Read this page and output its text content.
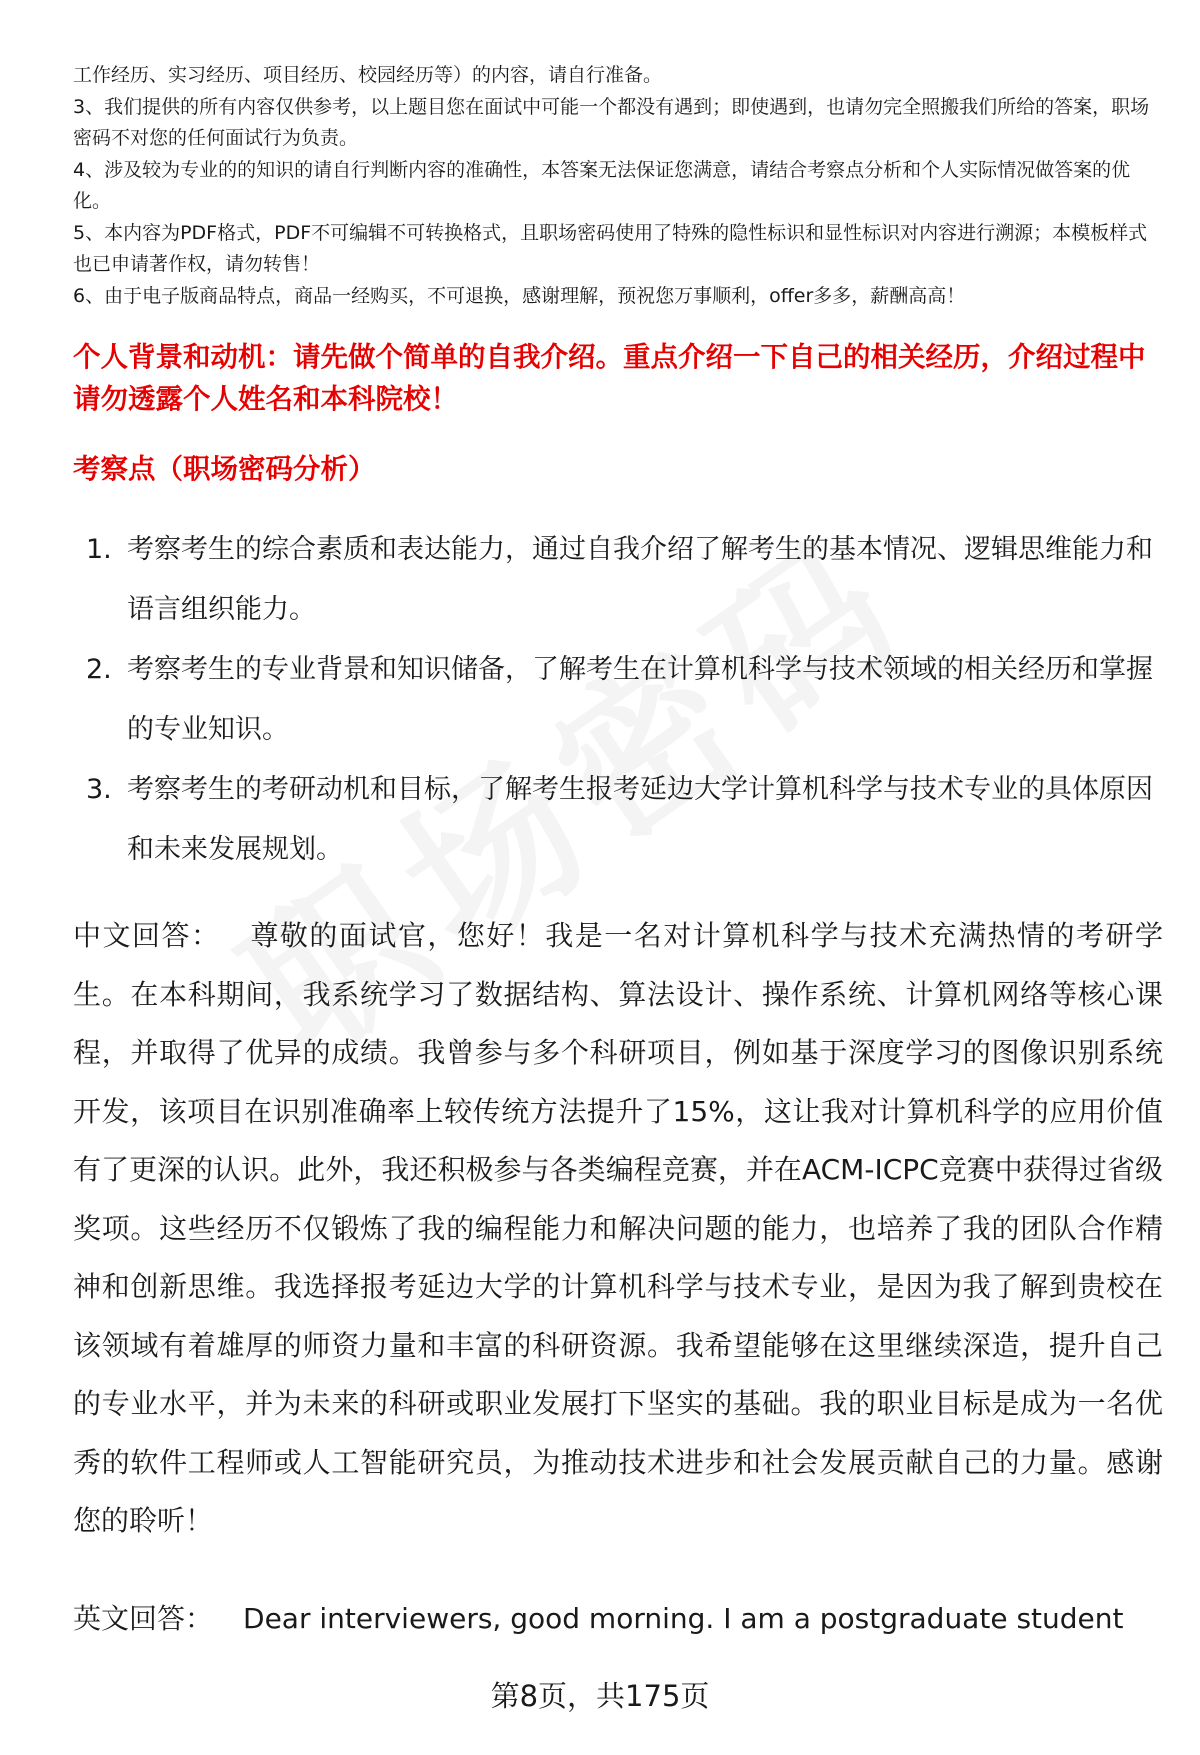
工作经历、实习经历、项目经历、校园经历等）的内容，请自行准备。

3、我们提供的所有内容仅供参考，以上题目您在面试中可能一个都没有遇到；即使遇到，也请勿完全照搬我们所给的答案，职场密码不对您的任何面试行为负责。

4、涉及较为专业的的知识的请自行判断内容的准确性，本答案无法保证您满意，请结合考察点分析和个人实际情况做答案的优化。

5、本内容为PDF格式，PDF不可编辑不可转换格式，且职场密码使用了特殊的隐性标识和显性标识对内容进行溯源；本模板样式也已申请著作权，请勿转售！

6、由于电子版商品特点，商品一经购买，不可退换，感谢理解，预祝您万事顺利，offer多多，薪酬高高！

个人背景和动机：请先做个简单的自我介绍。重点介绍一下自己的相关经历，介绍过程中请勿透露个人姓名和本科院校！

考察点（职场密码分析）

1. 考察考生的综合素质和表达能力，通过自我介绍了解考生的基本情况、逻辑思维能力和语言组织能力。
2. 考察考生的专业背景和知识储备，了解考生在计算机科学与技术领域的相关经历和掌握的专业知识。
3. 考察考生的考研动机和目标，了解考生报考延边大学计算机科学与技术专业的具体原因和未来发展规划。

中文回答： 尊敬的面试官，您好！我是一名对计算机科学与技术充满热情的考研学生。在本科期间，我系统学习了数据结构、算法设计、操作系统、计算机网络等核心课程，并取得了优异的成绩。我曾参与多个科研项目，例如基于深度学习的图像识别系统开发，该项目在识别准确率上较传统方法提升了15%，这让我对计算机科学的应用价值有了更深的认识。此外，我还积极参与各类编程竞赛，并在ACM-ICPC竞赛中获得过省级奖项。这些经历不仅锻炼了我的编程能力和解决问题的能力，也培养了我的团队合作精神和创新思维。我选择报考延边大学的计算机科学与技术专业，是因为我了解到贵校在该领域有着雄厚的师资力量和丰富的科研资源。我希望能够在这里继续深造，提升自己的专业水平，并为未来的科研或职业发展打下坚实的基础。我的职业目标是成为一名优秀的软件工程师或人工智能研究员，为推动技术进步和社会发展贡献自己的力量。感谢您的聆听！

英文回答： Dear interviewers, good morning. I am a postgraduate student

第8页，共175页
